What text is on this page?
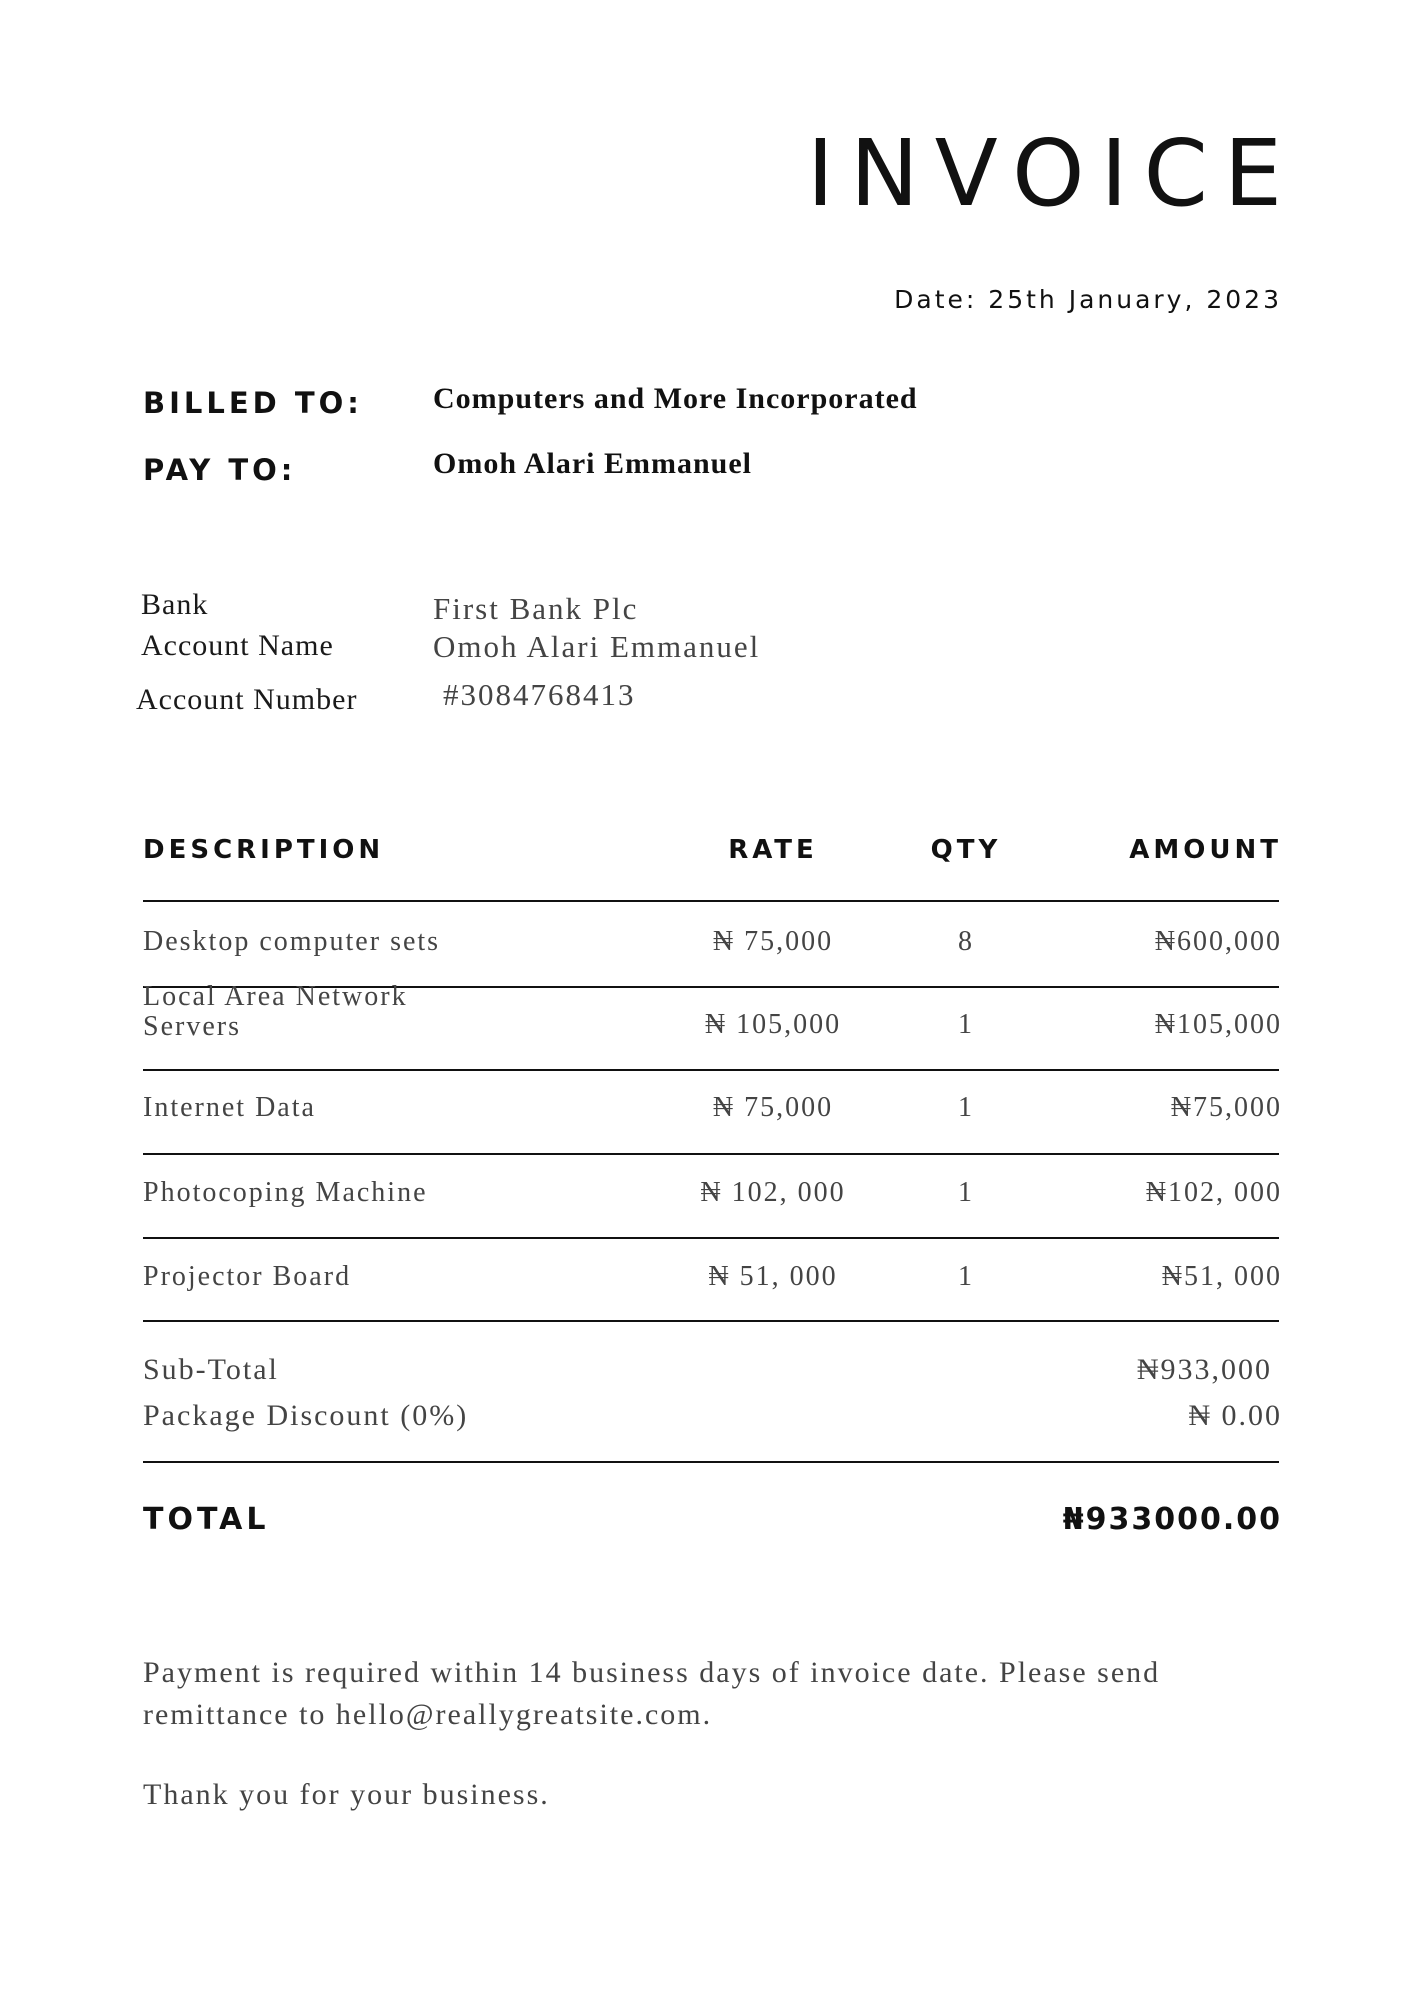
INVOICE
Date: 25th January, 2023
BILLED TO: Computers and More Incorporated
PAY TO:	Omoh Alari Emmanuel
Bank	First Bank Plc
Account Name	Omoh Alari Emmanuel
Account Number	#3084768413
DESCRIPTION	RATE	QTY	AMOUNT
Desktop computer sets	₦ 75,000	8	₦600,000
Local Area Network
Servers	₦ 105,000	1	₦105,000
Internet Data	₦ 75,000	1	₦75,000
Photocoping Machine	₦ 102, 000	1	₦102, 000
Projector Board	₦ 51, 000	1	₦51, 000
Sub-Total	₦933,000
Package Discount (0%)	₦ 0.00
TOTAL	₦933000.00
Payment is required within 14 business days of invoice date. Please send remittance to hello@reallygreatsite.com.
Thank you for your business.
